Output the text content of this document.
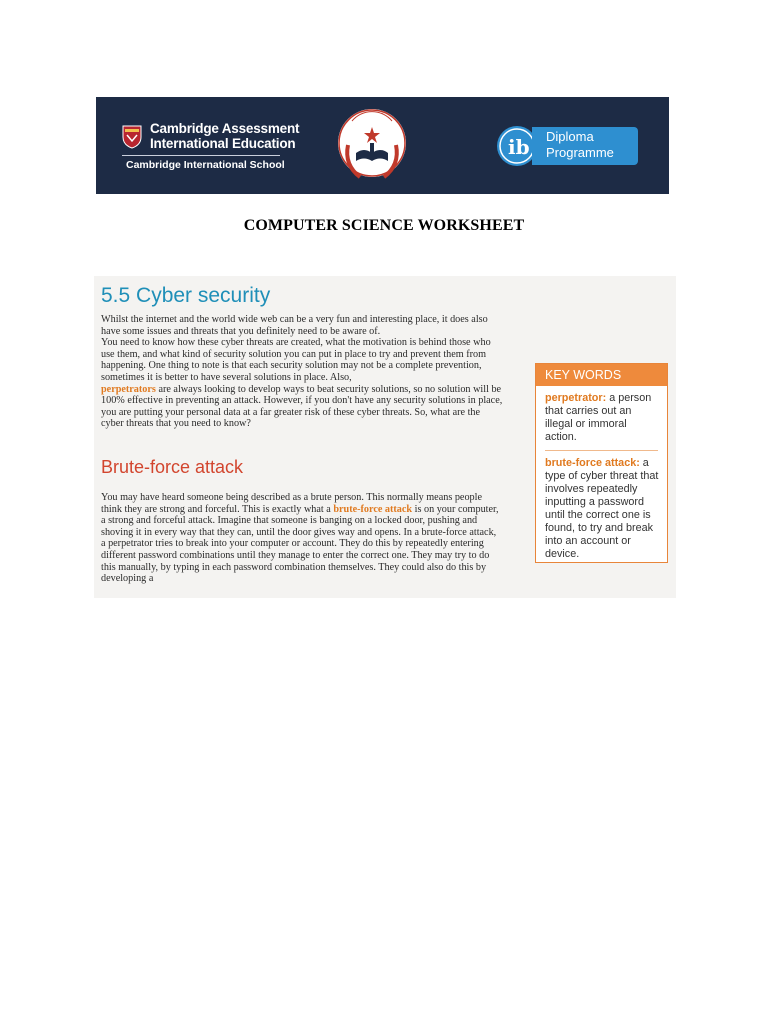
Cambridge Assessment
International Education
Cambridge International School
ib Diploma
Programme
COMPUTER SCIENCE WORKSHEET
5.5 Cyber security

Whilst the internet and the world wide web can be a very fun and interesting place, it does also have some issues and threats that you definitely need to be aware of.

You need to know how these cyber threats are created, what the motivation is behind those who use them, and what kind of security solution you can put in place to try and prevent them from happening. One thing to note is that each security solution may not be a complete prevention, sometimes it is better to have several solutions in place. Also,
perpetrators are always looking to develop ways to beat security solutions, so no solution will be 100% effective in preventing an attack. However, if you don't have any security solutions in place, you are putting your personal data at a far greater risk of these cyber threats. So, what are the cyber threats that you need to know?

Brute-force attack

You may have heard someone being described as a brute person. This normally means people think they are strong and forceful. This is exactly what a brute-force attack is on your computer, a strong and forceful attack. Imagine that someone is banging on a locked door, pushing and shoving it in every way that they can, until the door gives way and opens. In a brute-force attack, a perpetrator tries to break into your computer or account. They do this by repeatedly entering different password combinations until they manage to enter the correct one. They may try to do this manually, by typing in each password combination themselves. They could also do this by developing a

KEY WORDS
perpetrator: a person that carries out an illegal or immoral action.
brute-force attack: a type of cyber threat that involves repeatedly inputting a password until the correct one is found, to try and break into an account or device.
